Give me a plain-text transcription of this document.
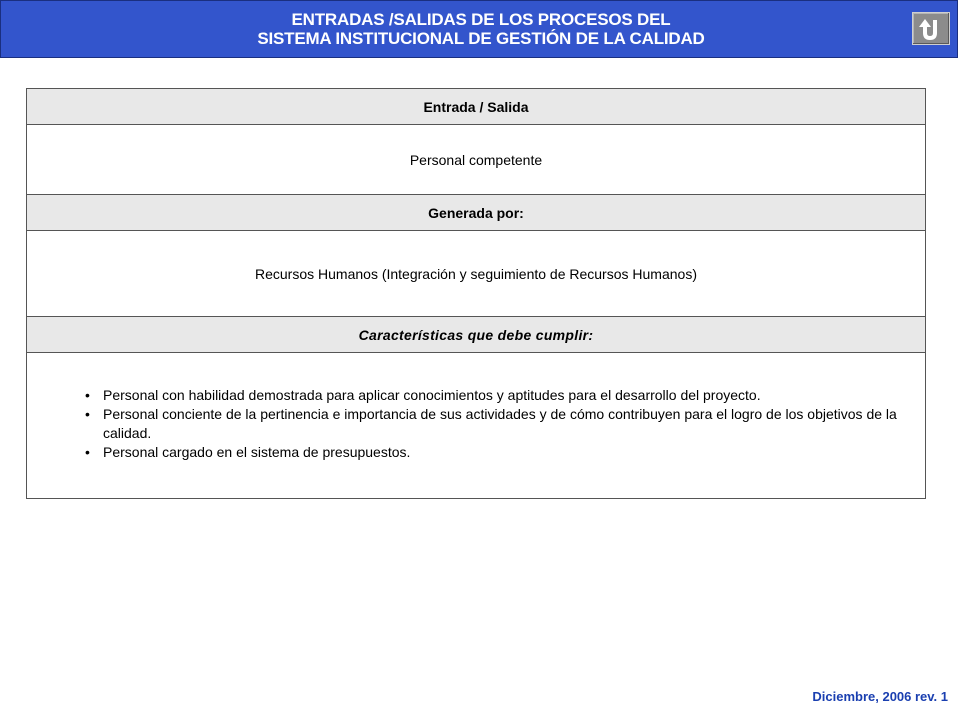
ENTRADAS /SALIDAS DE LOS PROCESOS DEL
SISTEMA INSTITUCIONAL DE GESTIÓN DE LA CALIDAD
Entrada / Salida
Personal competente
Generada por:
Recursos Humanos (Integración y seguimiento de Recursos Humanos)
Características que debe cumplir:
• Personal con habilidad demostrada para aplicar conocimientos y aptitudes para el desarrollo del proyecto.
• Personal conciente de la pertinencia e importancia de sus actividades y de cómo contribuyen para el logro de los objetivos de la calidad.
• Personal cargado en el sistema de presupuestos.
Diciembre, 2006 rev. 1
